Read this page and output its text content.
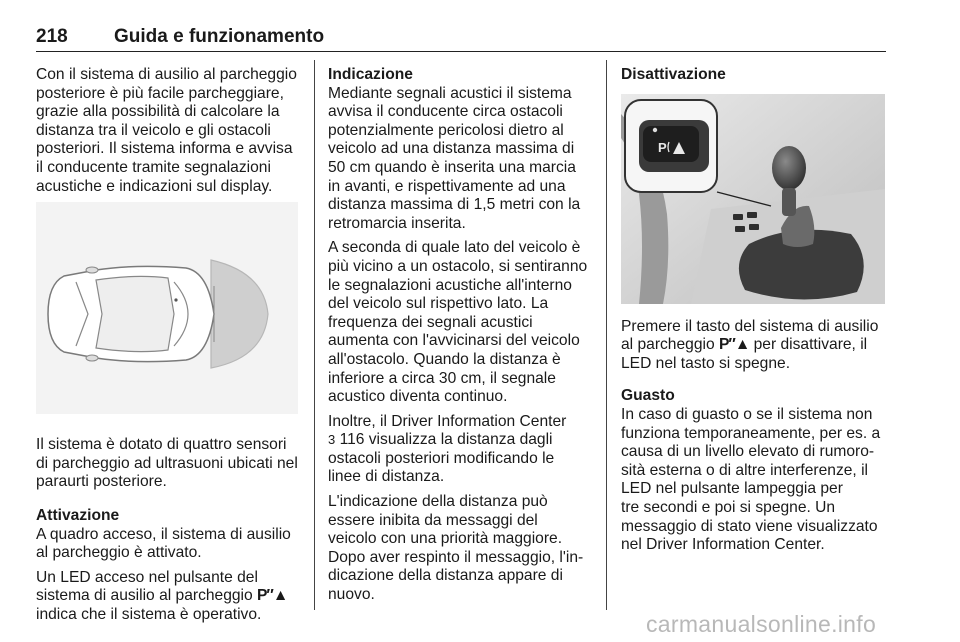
218 Guida e funzionamento
Con il sistema di ausilio al parcheggio
posteriore è più facile parcheggiare,
grazie alla possibilità di calcolare la
distanza tra il veicolo e gli ostacoli
posteriori. Il sistema informa e avvisa
il conducente tramite segnalazioni
acustiche e indicazioni sul display.
Il sistema è dotato di quattro sensori
di parcheggio ad ultrasuoni ubicati nel
paraurti posteriore.
Attivazione
A quadro acceso, il sistema di ausilio
al parcheggio è attivato.

Un LED acceso nel pulsante del
sistema di ausilio al parcheggio P″▲
indica che il sistema è operativo.

Indicazione
Mediante segnali acustici il sistema
avvisa il conducente circa ostacoli
potenzialmente pericolosi dietro al
veicolo ad una distanza massima di
50 cm quando è inserita una marcia
in avanti, e rispettivamente ad una
distanza massima di 1,5 metri con la
retromarcia inserita.
A seconda di quale lato del veicolo è
più vicino a un ostacolo, si sentiranno
le segnalazioni acustiche all'interno
del veicolo sul rispettivo lato. La
frequenza dei segnali acustici
aumenta con l'avvicinarsi del veicolo
all'ostacolo. Quando la distanza è
inferiore a circa 30 cm, il segnale
acustico diventa continuo.

Inoltre, il Driver Information Center
3 116 visualizza la distanza dagli
ostacoli posteriori modificando le
linee di distanza.

L'indicazione della distanza può
essere inibita da messaggi del
veicolo con una priorità maggiore.
Dopo aver respinto il messaggio, l'in-
dicazione della distanza appare di
nuovo.
Disattivazione

Premere il tasto del sistema di ausilio
al parcheggio P″▲ per disattivare, il
LED nel tasto si spegne.

Guasto
In caso di guasto o se il sistema non
funziona temporaneamente, per es. a
causa di un livello elevato di rumoro-
sità esterna o di altre interferenze, il
LED nel pulsante lampeggia per
tre secondi e poi si spegne. Un
messaggio di stato viene visualizzato
nel Driver Information Center.
P
carmanualsonline.info
